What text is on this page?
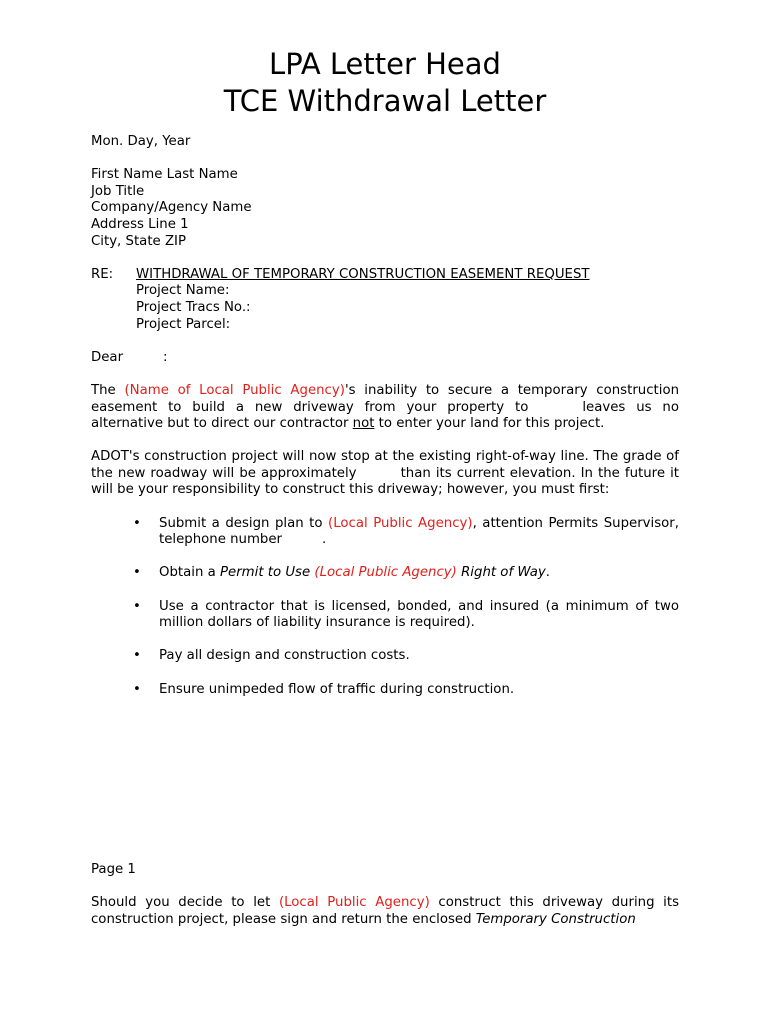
LPA Letter Head
TCE Withdrawal Letter
Mon. Day, Year
First Name Last Name
Job Title
Company/Agency Name
Address Line 1
City, State ZIP
RE:	WITHDRAWAL OF TEMPORARY CONSTRUCTION EASEMENT REQUEST
Project Name:
Project Tracs No.:
Project Parcel:
Dear	:
The (Name of Local Public Agency)'s inability to secure a temporary construction easement to build a new driveway from your property to	leaves us no alternative but to direct our contractor not to enter your land for this project.
ADOT's construction project will now stop at the existing right-of-way line. The grade of the new roadway will be approximately	than its current elevation. In the future it will be your responsibility to construct this driveway; however, you must first:
•	Submit a design plan to (Local Public Agency), attention Permits Supervisor, telephone number	.
•	Obtain a Permit to Use (Local Public Agency) Right of Way.
•	Use a contractor that is licensed, bonded, and insured (a minimum of two million dollars of liability insurance is required).
•	Pay all design and construction costs.
•	Ensure unimpeded flow of traffic during construction.
Page 1
Should you decide to let (Local Public Agency) construct this driveway during its construction project, please sign and return the enclosed Temporary Construction
